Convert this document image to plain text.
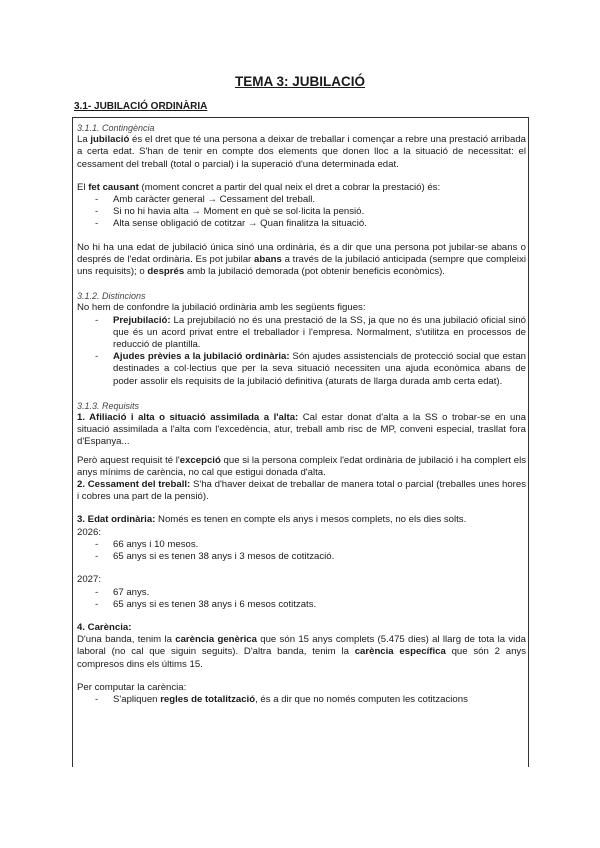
TEMA 3: JUBILACIÓ
3.1- JUBILACIÓ ORDINÀRIA
3.1.1. Contingència

La jubilació és el dret que té una persona a deixar de treballar i començar a rebre una prestació arribada a certa edat. S'han de tenir en compte dos elements que donen lloc a la situació de necessitat: el cessament del treball (total o parcial) i la superació d'una determinada edat.

El fet causant (moment concret a partir del qual neix el dret a cobrar la prestació) és:

- Amb caràcter general → Cessament del treball.
- Si no hi havia alta → Moment en què se sol·licita la pensió.
- Alta sense obligació de cotitzar → Quan finalitza la situació.

No hi ha una edat de jubilació única sinó una ordinària, és a dir que una persona pot jubilar-se abans o després de l'edat ordinària. Es pot jubilar abans a través de la jubilació anticipada (sempre que compleixi uns requisits); o després amb la jubilació demorada (pot obtenir beneficis econòmics).

3.1.2. Distincions

No hem de confondre la jubilació ordinària amb les següents figues:

- Prejubilació: La prejubilació no és una prestació de la SS, ja que no és una jubilació oficial sinó que és un acord privat entre el treballador i l'empresa. Normalment, s'utilitza en processos de reducció de plantilla.
- Ajudes prèvies a la jubilació ordinària: Són ajudes assistencials de protecció social que estan destinades a col·lectius que per la seva situació necessiten una ajuda econòmica abans de poder assolir els requisits de la jubilació definitiva (aturats de llarga durada amb certa edat).
3.1.3. Requisits

1. Afiliació i alta o situació assimilada a l'alta: Cal estar donat d'alta a la SS o trobar-se en una situació assimilada a l'alta com l'excedència, atur, treball amb risc de MP, conveni especial, trasllat fora d'Espanya...

Però aquest requisit té l'excepció que si la persona compleix l'edat ordinària de jubilació i ha complert els anys mínims de carència, no cal que estigui donada d'alta.

2. Cessament del treball: S'ha d'haver deixat de treballar de manera total o parcial (treballes unes hores i cobres una part de la pensió).

3. Edat ordinària: Només es tenen en compte els anys i mesos complets, no els dies solts.

2026:
- 66 anys i 10 mesos.
- 65 anys si es tenen 38 anys i 3 mesos de cotització.
2027:
- 67 anys.
- 65 anys si es tenen 38 anys i 6 mesos cotitzats.
4. Carència:

D'una banda, tenim la carència genèrica que són 15 anys complets (5.475 dies) al llarg de tota la vida laboral (no cal que siguin seguits). D'altra banda, tenim la carència específica que són 2 anys compresos dins els últims 15.

Per computar la carència:

- S'apliquen regles de totalització, és a dir que no només computen les cotitzacions
